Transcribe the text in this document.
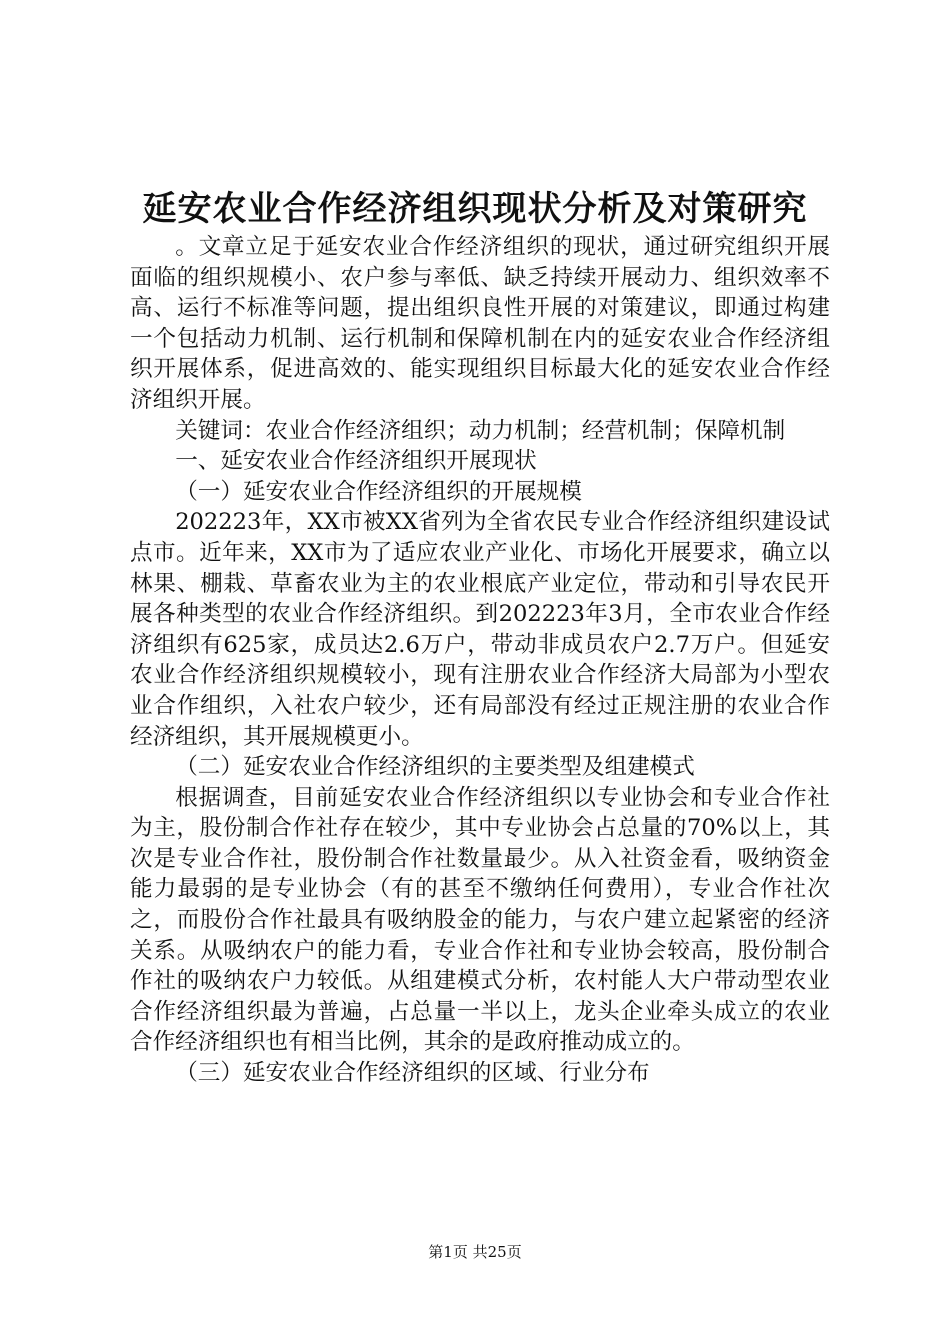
延安农业合作经济组织现状分析及对策研究

。文章立足于延安农业合作经济组织的现状，通过研究组织开展面临的组织规模小、农户参与率低、缺乏持续开展动力、组织效率不高、运行不标准等问题，提出组织良性开展的对策建议，即通过构建一个包括动力机制、运行机制和保障机制在内的延安农业合作经济组织开展体系，促进高效的、能实现组织目标最大化的延安农业合作经济组织开展。

关键词：农业合作经济组织；动力机制；经营机制；保障机制

一、延安农业合作经济组织开展现状

（一）延安农业合作经济组织的开展规模

202223年，XX市被XX省列为全省农民专业合作经济组织建设试点市。近年来，XX市为了适应农业产业化、市场化开展要求，确立以林果、棚栽、草畜农业为主的农业根底产业定位，带动和引导农民开展各种类型的农业合作经济组织。到202223年3月，全市农业合作经济组织有625家，成员达2.6万户，带动非成员农户2.7万户。但延安农业合作经济组织规模较小，现有注册农业合作经济大局部为小型农业合作组织，入社农户较少，还有局部没有经过正规注册的农业合作经济组织，其开展规模更小。

（二）延安农业合作经济组织的主要类型及组建模式

根据调查，目前延安农业合作经济组织以专业协会和专业合作社为主，股份制合作社存在较少，其中专业协会占总量的70%以上，其次是专业合作社，股份制合作社数量最少。从入社资金看，吸纳资金能力最弱的是专业协会（有的甚至不缴纳任何费用），专业合作社次之，而股份合作社最具有吸纳股金的能力，与农户建立起紧密的经济关系。从吸纳农户的能力看，专业合作社和专业协会较高，股份制合作社的吸纳农户力较低。从组建模式分析，农村能人大户带动型农业合作经济组织最为普遍，占总量一半以上，龙头企业牵头成立的农业合作经济组织也有相当比例，其余的是政府推动成立的。

（三）延安农业合作经济组织的区域、行业分布

第1页 共25页
